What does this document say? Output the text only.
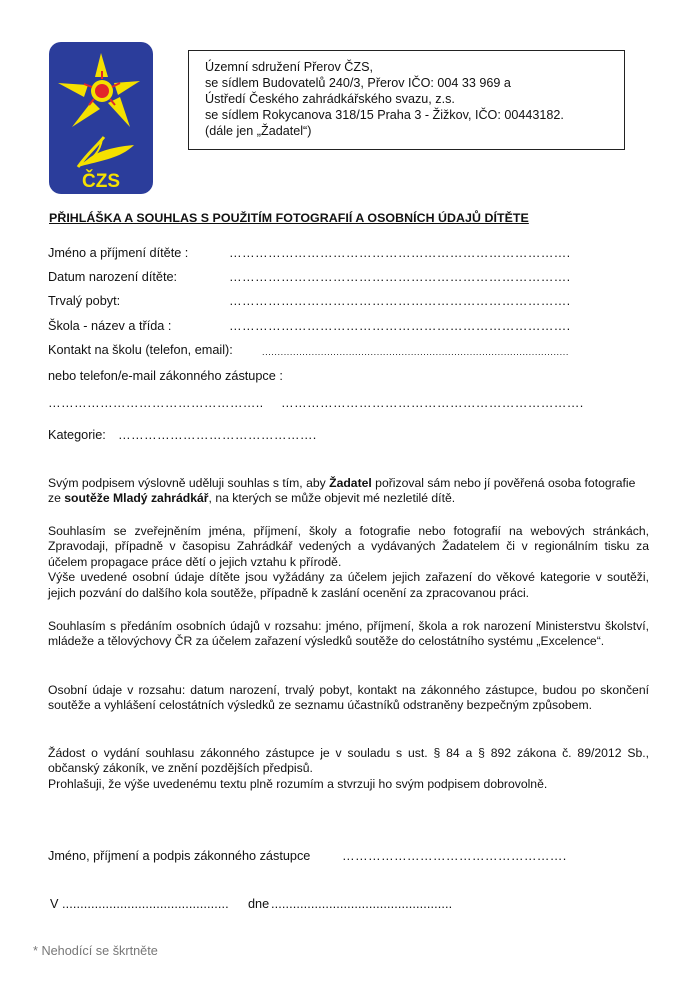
ČZS
Územní sdružení Přerov ČZS,
se sídlem Budovatelů 240/3, Přerov IČO: 004 33 969 a
Ústředí Českého zahrádkářského svazu, z.s.
se sídlem Rokycanova 318/15 Praha 3 - Žižkov, IČO: 00443182.
(dále jen „Žadatel“)
PŘIHLÁŠKA A SOUHLAS S POUŽITÍM FOTOGRAFIÍ A OSOBNÍCH ÚDAJŮ DÍTĚTE
Jméno a příjmení dítěte :	…………………………………………………………………….
Datum narození dítěte:	…………………………………………………………………….
Trvalý pobyt:	…………………………………………………………………….
Škola - název a třída :	…………………………………………………………………….
Kontakt na školu (telefon, email):	...................................................................................................
nebo telefon/e-mail zákonného zástupce :
………………………………………….. …………………………………………………………….
Kategorie: ……………………………………….

Svým podpisem výslovně uděluji souhlas s tím, aby Žadatel pořizoval sám nebo jí pověřená osoba fotografie ze soutěže Mladý zahrádkář, na kterých se může objevit mé nezletilé dítě.

Souhlasím se zveřejněním jména, příjmení, školy a fotografie nebo fotografií na webových stránkách, Zpravodaji, případně v časopisu Zahrádkář vedených a vydávaných Žadatelem či v regionálním tisku za účelem propagace práce dětí o jejich vztahu k přírodě.

Výše uvedené osobní údaje dítěte jsou vyžádány za účelem jejich zařazení do věkové kategorie v soutěži, jejich pozvání do dalšího kola soutěže, případně k zaslání ocenění za zpracovanou práci.

Souhlasím s předáním osobních údajů v rozsahu: jméno, příjmení, škola a rok narození Ministerstvu školství, mládeže a tělovýchovy ČR za účelem zařazení výsledků soutěže do celostátního systému „Excelence“.

Osobní údaje v rozsahu: datum narození, trvalý pobyt, kontakt na zákonného zástupce, budou po skončení soutěže a vyhlášení celostátních výsledků ze seznamu účastníků odstraněny bezpečným způsobem.

Žádost o vydání souhlasu zákonného zástupce je v souladu s ust. § 84 a § 892 zákona č. 89/2012 Sb., občanský zákoník, ve znění pozdějších předpisů.

Prohlašuji, že výše uvedenému textu plně rozumím a stvrzuji ho svým podpisem dobrovolně.

Jméno, příjmení a podpis zákonného zástupce …………………………………………….
V .............................................. dne ..................................................
* Nehodící se škrtněte
